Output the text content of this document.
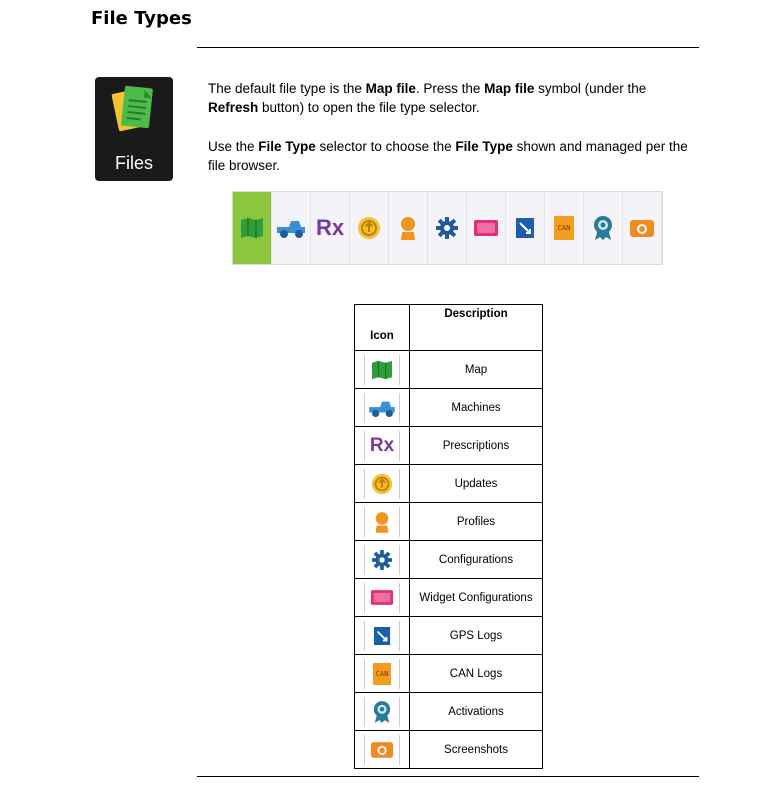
File Types
Files
The default file type is the Map file. Press the Map file symbol (under the Refresh button) to open the file type selector.
Use the File Type selector to choose the File Type shown and managed per the file browser.
Rx	CAN
Icon	Description

	Map

	Machines

Rx	Prescriptions

	Updates

	Profiles

	Configurations

	Widget Configurations

	GPS Logs

CAN	CAN Logs

	Activations

	Screenshots
